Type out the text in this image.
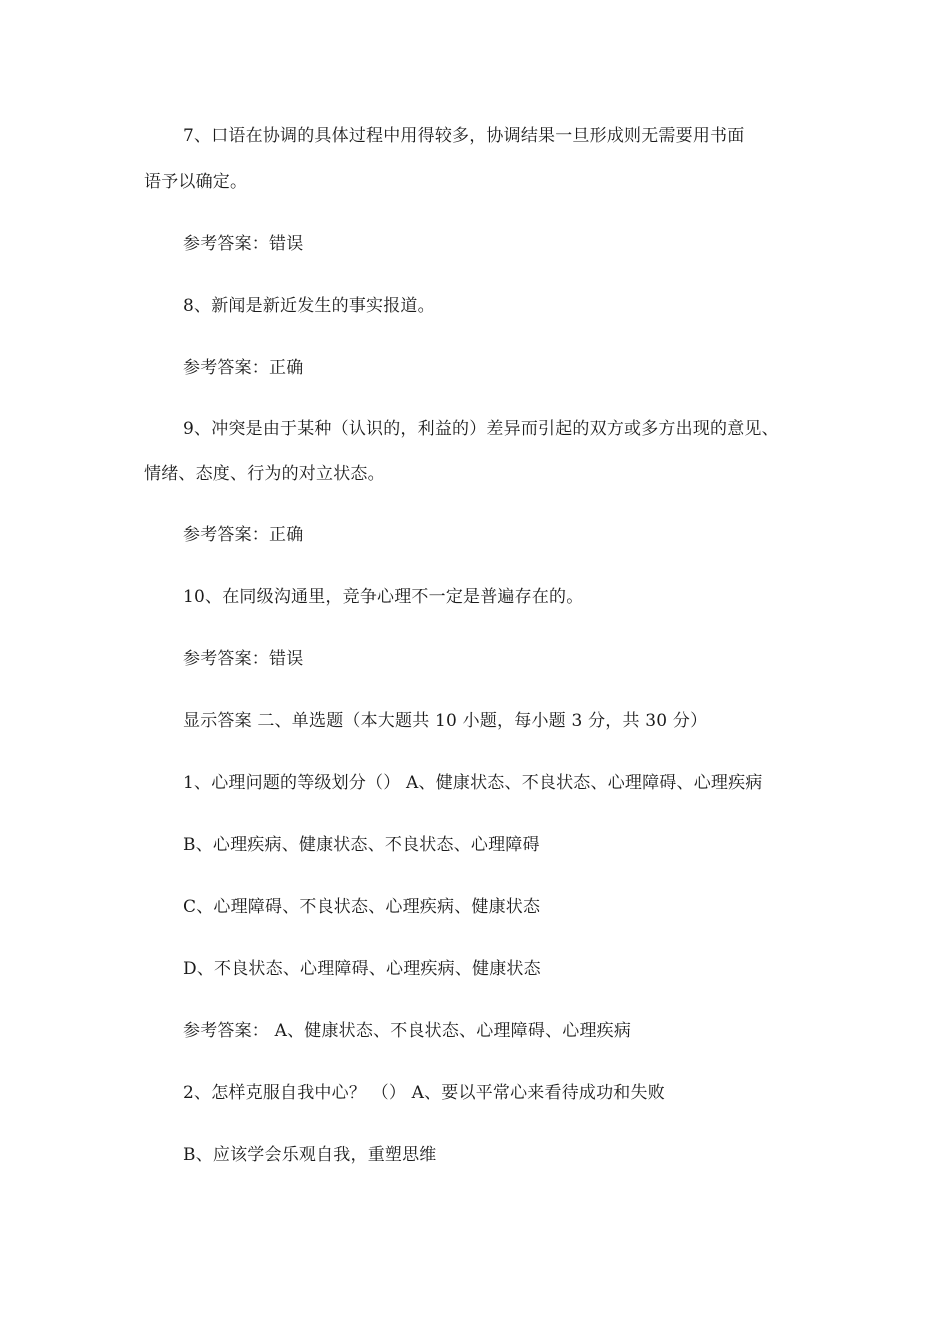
7、口语在协调的具体过程中用得较多，协调结果一旦形成则无需要用书面
语予以确定。
参考答案：错误
8、新闻是新近发生的事实报道。
参考答案：正确
9、冲突是由于某种（认识的，利益的）差异而引起的双方或多方出现的意见、
情绪、态度、行为的对立状态。
参考答案：正确
10、在同级沟通里，竞争心理不一定是普遍存在的。
参考答案：错误
显示答案 二、单选题（本大题共 10 小题，每小题 3 分，共 30 分）
1、心理问题的等级划分（） A、健康状态、不良状态、心理障碍、心理疾病
B、心理疾病、健康状态、不良状态、心理障碍
C、心理障碍、不良状态、心理疾病、健康状态
D、不良状态、心理障碍、心理疾病、健康状态
参考答案： A、健康状态、不良状态、心理障碍、心理疾病
2、怎样克服自我中心？ （） A、要以平常心来看待成功和失败
B、应该学会乐观自我，重塑思维
